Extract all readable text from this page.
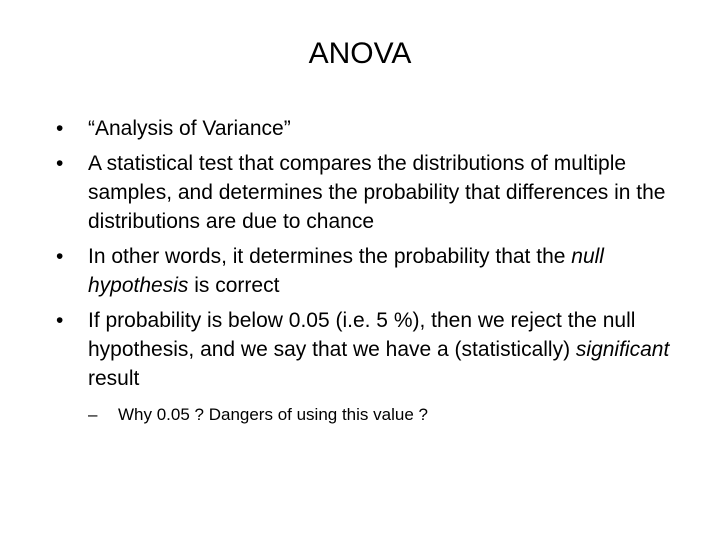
ANOVA
•	“Analysis of Variance”
•	A statistical test that compares the distributions of multiple samples, and determines the probability that differences in the distributions are due to chance
•	In other words, it determines the probability that the null hypothesis is correct
•	If probability is below 0.05 (i.e. 5 %), then we reject the null hypothesis, and we say that we have a (statistically) significant result
– Why 0.05 ? Dangers of using this value ?
